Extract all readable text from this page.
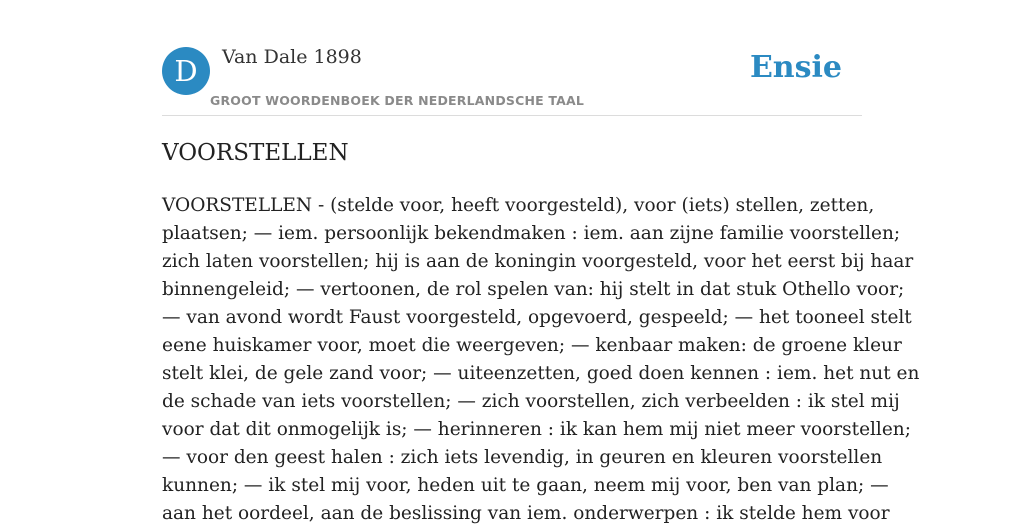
D	Van Dale 1898
GROOT WOORDENBOEK DER NEDERLANDSCHE TAAL
Ensie
VOORSTELLEN
VOORSTELLEN - (stelde voor, heeft voorgesteld), voor (iets) stellen, zetten,
plaatsen; — iem. persoonlijk bekendmaken : iem. aan zijne familie voorstellen;
zich laten voorstellen; hij is aan de koningin voorgesteld, voor het eerst bij haar
binnengeleid; — vertoonen, de rol spelen van: hij stelt in dat stuk Othello voor;
— van avond wordt Faust voorgesteld, opgevoerd, gespeeld; — het tooneel stelt
eene huiskamer voor, moet die weergeven; — kenbaar maken: de groene kleur
stelt klei, de gele zand voor; — uiteenzetten, goed doen kennen : iem. het nut en
de schade van iets voorstellen; — zich voorstellen, zich verbeelden : ik stel mij
voor dat dit onmogelijk is; — herinneren : ik kan hem mij niet meer voorstellen;
— voor den geest halen : zich iets levendig, in geuren en kleuren voorstellen
kunnen; — ik stel mij voor, heden uit te gaan, neem mij voor, ben van plan; —
aan het oordeel, aan de beslissing van iem. onderwerpen : ik stelde hem voor
